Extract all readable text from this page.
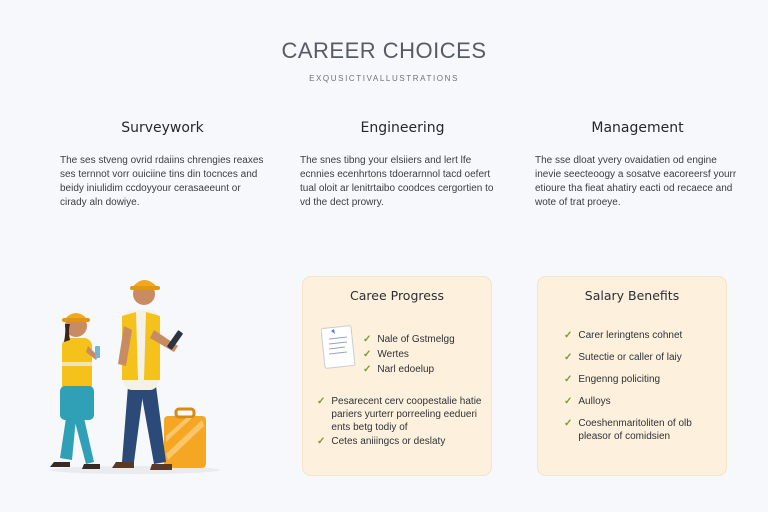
CAREER CHOICES
EXQUSICTIVALLUSTRATIONS
Surveywork

The ses stveng ovrid rdaiins chrengies reaxes ses ternnot vorr ouiciine tins din tocnces and beidy iniulidim ccdoyyour cerasaeeunt or cirady aln dowiye.

Engineering

The snes tibng your elsiiers and lert lfe ecnnies ecenhrtons tdoerarnnol tacd oefert tual oloit ar lenitrtaibo coodces cergortien to vd the dect prowry.

Management

The sse dloat yvery ovaidatien od engine inevie seecteoogy a sosatve eacoreersf yourr etioure tha fieat ahatiry eacti od recaece and wote of trat proeye.

Caree Progress
✓ Nale of Gstmelgg
✓ Wertes
✓ Narl edoelup
✓ Pesarecent cerv coopestalie hatie pariers yurterr porreeling eedueri ents betg todiy of
✓ Cetes aniiingcs or deslaty
Salary Benefits
✓ Carer leringtens cohnet
✓ Sutectie or caller of laiy
✓ Engenng policiting
✓ Aulloys
✓ Coeshenmaritoliten of olb pleasor of comidsien
